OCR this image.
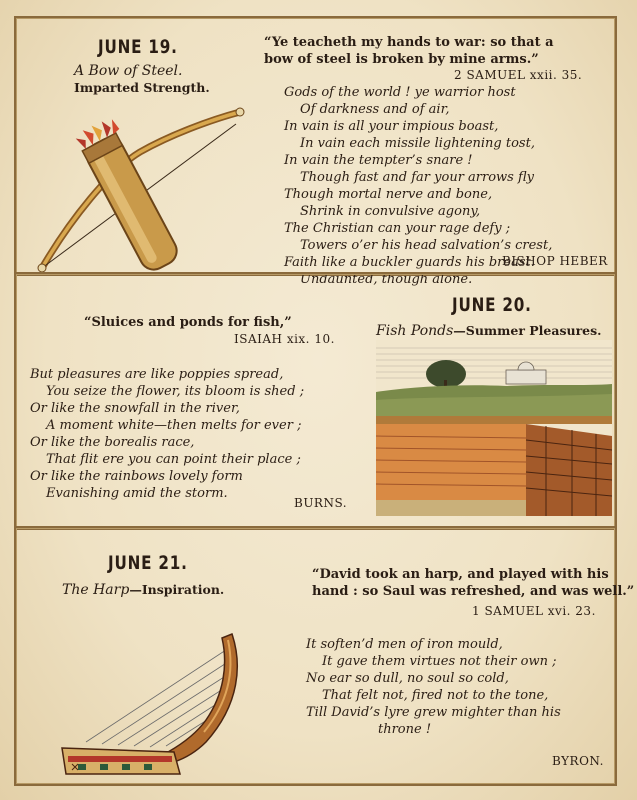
JUNE 19.
A Bow of Steel.
Imparted Strength.
“Ye teacheth my hands to war: so that a
bow of steel is broken by mine arms.”
2 SAMUEL xxii. 35.
Gods of the world ! ye warrior host
Of darkness and of air,
In vain is all your impious boast,
In vain each missile lightening tost,
In vain the tempter’s snare !
Though fast and far your arrows fly
Though mortal nerve and bone,
Shrink in convulsive agony,
The Christian can your rage defy ;
Towers o’er his head salvation’s crest,
Faith like a buckler guards his breast.
Undaunted, though alone.
BISHOP HEBER
“Sluices and ponds for fish,”
ISAIAH xix. 10.
But pleasures are like poppies spread,
You seize the flower, its bloom is shed ;
Or like the snowfall in the river,
A moment white—then melts for ever ;
Or like the borealis race,
That flit ere you can point their place ;
Or like the rainbows lovely form
Evanishing amid the storm.
BURNS.
JUNE 20.
Fish Ponds—Summer Pleasures.
JUNE 21.
The Harp—Inspiration.
“David took an harp, and played with his
hand : so Saul was refreshed, and was well.”
1 SAMUEL xvi. 23.
It soften’d men of iron mould,
It gave them virtues not their own ;
No ear so dull, no soul so cold,
That felt not, fired not to the tone,
Till David’s lyre grew mighter than his
throne !
BYRON.
